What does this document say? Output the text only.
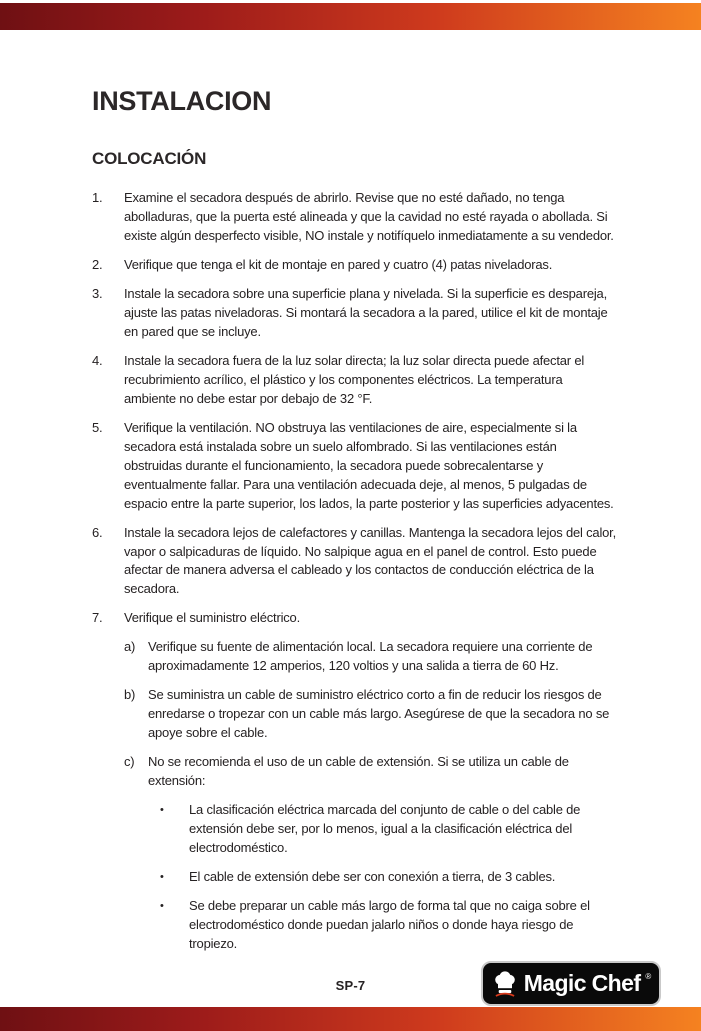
INSTALACION
COLOCACIÓN
1.	Examine el secadora después de abrirlo. Revise que no esté dañado, no tenga abolladuras, que la puerta esté alineada y que la cavidad no esté rayada o abollada. Si existe algún desperfecto visible, NO instale y notifíquelo inmediatamente a su vendedor.
2.	Verifique que tenga el kit de montaje en pared y cuatro (4) patas niveladoras.
3.	Instale la secadora sobre una superficie plana y nivelada. Si la superficie es despareja, ajuste las patas niveladoras. Si montará la secadora a la pared, utilice el kit de montaje en pared que se incluye.
4.	Instale la secadora fuera de la luz solar directa; la luz solar directa puede afectar el recubrimiento acrílico, el plástico y los componentes eléctricos. La temperatura ambiente no debe estar por debajo de 32 °F.
5.	Verifique la ventilación. NO obstruya las ventilaciones de aire, especialmente si la secadora está instalada sobre un suelo alfombrado. Si las ventilaciones están obstruidas durante el funcionamiento, la secadora puede sobrecalentarse y eventualmente fallar. Para una ventilación adecuada deje, al menos, 5 pulgadas de espacio entre la parte superior, los lados, la parte posterior y las superficies adyacentes.
6.	Instale la secadora lejos de calefactores y canillas. Mantenga la secadora lejos del calor, vapor o salpicaduras de líquido. No salpique agua en el panel de control. Esto puede afectar de manera adversa el cableado y los contactos de conducción eléctrica de la secadora.
7.	Verifique el suministro eléctrico.
a) Verifique su fuente de alimentación local. La secadora requiere una corriente de aproximadamente 12 amperios, 120 voltios y una salida a tierra de 60 Hz.
b) Se suministra un cable de suministro eléctrico corto a fin de reducir los riesgos de enredarse o tropezar con un cable más largo. Asegúrese de que la secadora no se apoye sobre el cable.
c)	No se recomienda el uso de un cable de extensión. Si se utiliza un cable de extensión:
•	La clasificación eléctrica marcada del conjunto de cable o del cable de extensión debe ser, por lo menos, igual a la clasificación eléctrica del electrodoméstico.
•	El cable de extensión debe ser con conexión a tierra, de 3 cables.
•	Se debe preparar un cable más largo de forma tal que no caiga sobre el electrodoméstico donde puedan jalarlo niños o donde haya riesgo de tropiezo.
SP-7	Magic Chef ®
